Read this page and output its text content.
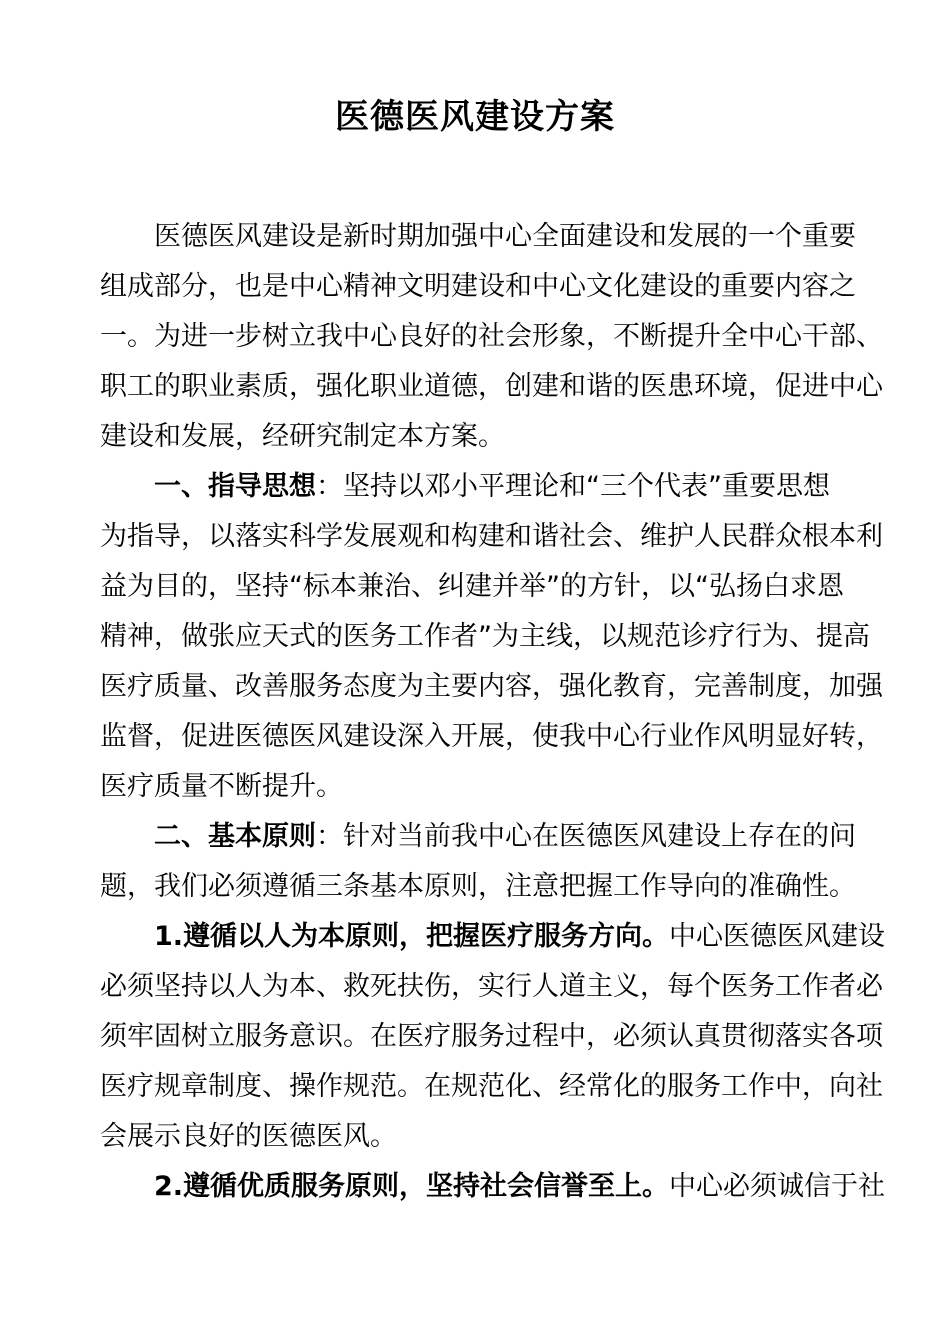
医德医风建设方案
医德医风建设是新时期加强中心全面建设和发展的一个重要
组成部分，也是中心精神文明建设和中心文化建设的重要内容之
一。为进一步树立我中心良好的社会形象，不断提升全中心干部、
职工的职业素质，强化职业道德，创建和谐的医患环境，促进中心
建设和发展，经研究制定本方案。
一、指导思想：坚持以邓小平理论和“三个代表”重要思想
为指导，以落实科学发展观和构建和谐社会、维护人民群众根本利
益为目的，坚持“标本兼治、纠建并举”的方针，以“弘扬白求恩
精神，做张应天式的医务工作者”为主线，以规范诊疗行为、提高
医疗质量、改善服务态度为主要内容，强化教育，完善制度，加强
监督，促进医德医风建设深入开展，使我中心行业作风明显好转，
医疗质量不断提升。
二、基本原则：针对当前我中心在医德医风建设上存在的问
题，我们必须遵循三条基本原则，注意把握工作导向的准确性。
1.遵循以人为本原则，把握医疗服务方向。中心医德医风建设
必须坚持以人为本、救死扶伤，实行人道主义，每个医务工作者必
须牢固树立服务意识。在医疗服务过程中，必须认真贯彻落实各项
医疗规章制度、操作规范。在规范化、经常化的服务工作中，向社
会展示良好的医德医风。
2.遵循优质服务原则，坚持社会信誉至上。中心必须诚信于社
